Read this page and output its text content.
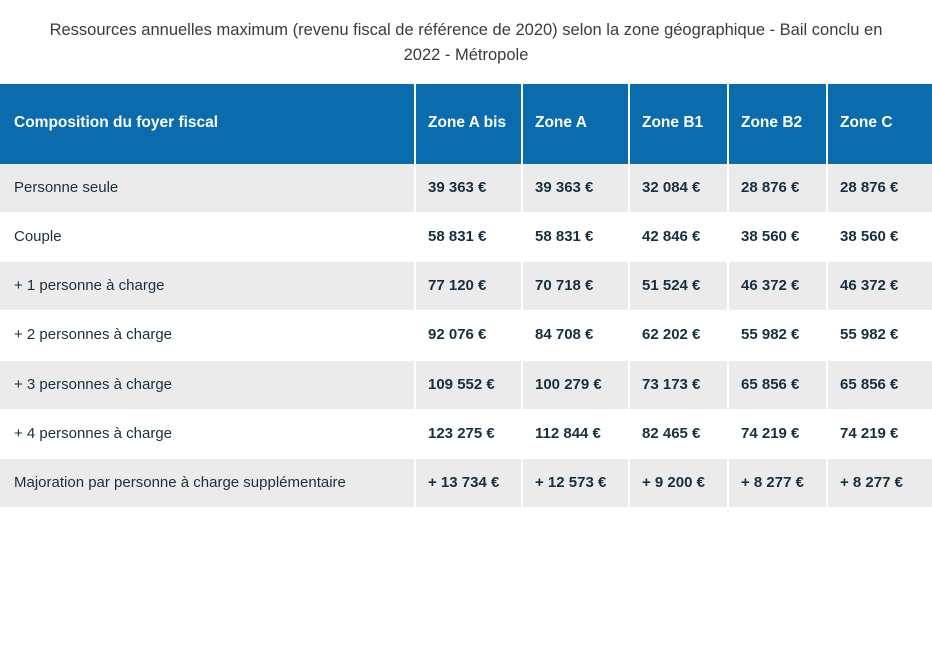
Ressources annuelles maximum (revenu fiscal de référence de 2020) selon la zone géographique - Bail conclu en 2022 - Métropole
Composition du foyer fiscal	Zone A bis	Zone A	Zone B1	Zone B2	Zone C
Personne seule	39 363 €	39 363 €	32 084 €	28 876 €	28 876 €
Couple	58 831 €	58 831 €	42 846 €	38 560 €	38 560 €
+ 1 personne à charge	77 120 €	70 718 €	51 524 €	46 372 €	46 372 €
+ 2 personnes à charge	92 076 €	84 708 €	62 202 €	55 982 €	55 982 €
+ 3 personnes à charge	109 552 €	100 279 €	73 173 €	65 856 €	65 856 €
+ 4 personnes à charge	123 275 €	112 844 €	82 465 €	74 219 €	74 219 €
Majoration par personne à charge supplémentaire	+ 13 734 €	+ 12 573 €	+ 9 200 €	+ 8 277 €	+ 8 277 €
